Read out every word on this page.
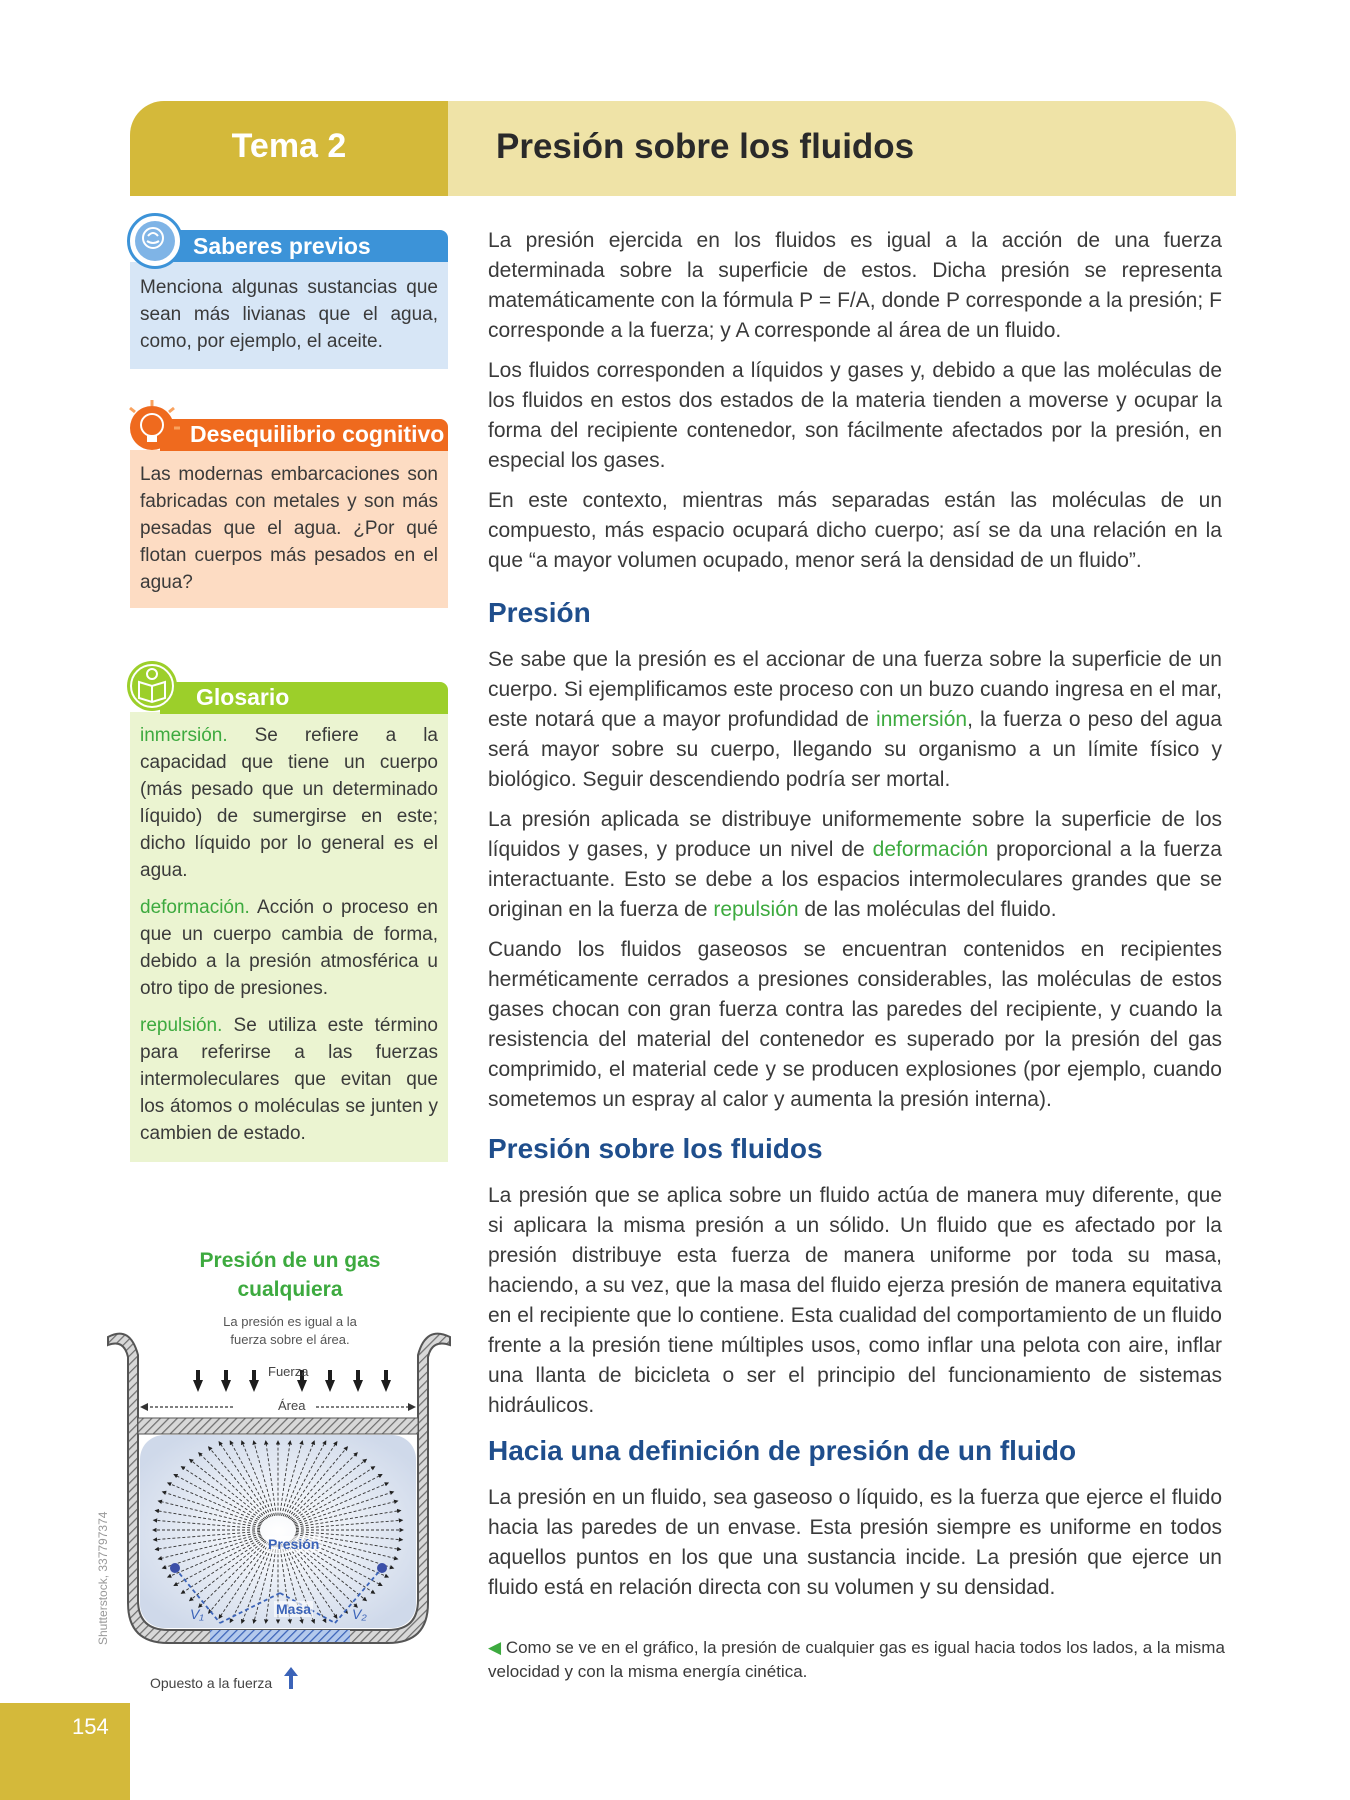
Tema 2	Presión sobre los fluidos
Saberes previos

Menciona algunas sustancias que sean más livianas que el agua, como, por ejemplo, el aceite.

Desequilibrio cognitivo

Las modernas embarcaciones son fabricadas con metales y son más pesadas que el agua. ¿Por qué flotan cuerpos más pesados en el agua?

Glosario

inmersión. Se refiere a la capacidad que tiene un cuerpo (más pesado que un determinado líquido) de sumergirse en este; dicho líquido por lo general es el agua.

deformación. Acción o proceso en que un cuerpo cambia de forma, debido a la presión atmosférica u otro tipo de presiones.

repulsión. Se utiliza este término para referirse a las fuerzas intermoleculares que evitan que los átomos o moléculas se junten y cambien de estado.

Presión de un gas
cualquiera
La presión es igual a la
fuerza sobre el área.
Fuerza
Área
Presión
Masa
V₁	V₂
Opuesto a la fuerza
Shutterstock, 337797374

La presión ejercida en los fluidos es igual a la acción de una fuerza determinada sobre la superficie de estos. Dicha presión se representa matemáticamente con la fórmula P = F/A, donde P corresponde a la presión; F corresponde a la fuerza; y A corresponde al área de un fluido.

Los fluidos corresponden a líquidos y gases y, debido a que las moléculas de los fluidos en estos dos estados de la materia tienden a moverse y ocupar la forma del recipiente contenedor, son fácilmente afectados por la presión, en especial los gases.

En este contexto, mientras más separadas están las moléculas de un compuesto, más espacio ocupará dicho cuerpo; así se da una relación en la que “a mayor volumen ocupado, menor será la densidad de un fluido”.

Presión

Se sabe que la presión es el accionar de una fuerza sobre la superficie de un cuerpo. Si ejemplificamos este proceso con un buzo cuando ingresa en el mar, este notará que a mayor profundidad de inmersión, la fuerza o peso del agua será mayor sobre su cuerpo, llegando su organismo a un límite físico y biológico. Seguir descendiendo podría ser mortal.

La presión aplicada se distribuye uniformemente sobre la superficie de los líquidos y gases, y produce un nivel de deformación proporcional a la fuerza interactuante. Esto se debe a los espacios intermoleculares grandes que se originan en la fuerza de repulsión de las moléculas del fluido.

Cuando los fluidos gaseosos se encuentran contenidos en recipientes herméticamente cerrados a presiones considerables, las moléculas de estos gases chocan con gran fuerza contra las paredes del recipiente, y cuando la resistencia del material del contenedor es superado por la presión del gas comprimido, el material cede y se producen explosiones (por ejemplo, cuando sometemos un espray al calor y aumenta la presión interna).

Presión sobre los fluidos

La presión que se aplica sobre un fluido actúa de manera muy diferente, que si aplicara la misma presión a un sólido. Un fluido que es afectado por la presión distribuye esta fuerza de manera uniforme por toda su masa, haciendo, a su vez, que la masa del fluido ejerza presión de manera equitativa en el recipiente que lo contiene. Esta cualidad del comportamiento de un fluido frente a la presión tiene múltiples usos, como inflar una pelota con aire, inflar una llanta de bicicleta o ser el principio del funcionamiento de sistemas hidráulicos.

Hacia una definición de presión de un fluido

La presión en un fluido, sea gaseoso o líquido, es la fuerza que ejerce el fluido hacia las paredes de un envase. Esta presión siempre es uniforme en todos aquellos puntos en los que una sustancia incide. La presión que ejerce un fluido está en relación directa con su volumen y su densidad.

◀ Como se ve en el gráfico, la presión de cualquier gas es igual hacia todos los lados, a la misma velocidad y con la misma energía cinética.
154
